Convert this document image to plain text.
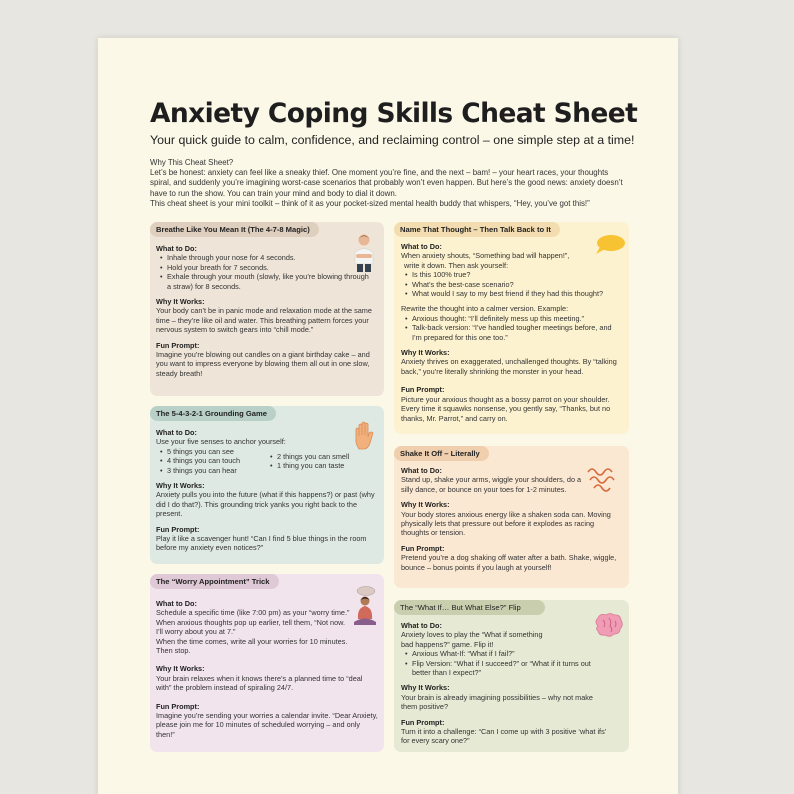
Anxiety Coping Skills Cheat Sheet
Your quick guide to calm, confidence, and reclaiming control – one simple step at a time!
Why This Cheat Sheet?
Let’s be honest: anxiety can feel like a sneaky thief. One moment you’re fine, and the next – bam! – your heart races, your thoughts spiral, and suddenly you’re imagining worst-case scenarios that probably won’t even happen. But here’s the good news: anxiety doesn’t have to run the show. You can train your mind and body to dial it down.
This cheat sheet is your mini toolkit – think of it as your pocket-sized mental health buddy that whispers, “Hey, you’ve got this!”
Breathe Like You Mean It (The 4-7-8 Magic)
What to Do:
• Inhale through your nose for 4 seconds.
• Hold your breath for 7 seconds.
• Exhale through your mouth (slowly, like you’re blowing through
a straw) for 8 seconds.
Why It Works:
Your body can’t be in panic mode and relaxation mode at the same
time – they’re like oil and water. This breathing pattern forces your
nervous system to switch gears into “chill mode.”
Fun Prompt:
Imagine you’re blowing out candles on a giant birthday cake – and
you want to impress everyone by blowing them all out in one slow,
steady breath!
The 5-4-3-2-1 Grounding Game
What to Do:
Use your five senses to anchor yourself:
• 5 things you can see
• 4 things you can touch
• 3 things you can hear
• 2 things you can smell
• 1 thing you can taste
Why It Works:
Anxiety pulls you into the future (what if this happens?) or past (why
did I do that?). This grounding trick yanks you right back to the
present.
Fun Prompt:
Play it like a scavenger hunt! “Can I find 5 blue things in the room
before my anxiety even notices?”
The “Worry Appointment” Trick
What to Do:
Schedule a specific time (like 7:00 pm) as your “worry time.”
When anxious thoughts pop up earlier, tell them, “Not now.
I’ll worry about you at 7.”
When the time comes, write all your worries for 10 minutes.
Then stop.
Why It Works:
Your brain relaxes when it knows there’s a planned time to “deal
with” the problem instead of spiraling 24/7.
Fun Prompt:
Imagine you’re sending your worries a calendar invite. “Dear Anxiety,
please join me for 10 minutes of scheduled worrying – and only
then!”
Name That Thought – Then Talk Back to It
What to Do:
When anxiety shouts, “Something bad will happen!”,
write it down. Then ask yourself:
• Is this 100% true?
• What’s the best-case scenario?
• What would I say to my best friend if they had this thought?
Rewrite the thought into a calmer version. Example:
• Anxious thought: “I’ll definitely mess up this meeting.”
• Talk-back version: “I’ve handled tougher meetings before, and
I’m prepared for this one too.”
Why It Works:
Anxiety thrives on exaggerated, unchallenged thoughts. By “talking
back,” you’re literally shrinking the monster in your head.
Fun Prompt:
Picture your anxious thought as a bossy parrot on your shoulder.
Every time it squawks nonsense, you gently say, “Thanks, but no
thanks, Mr. Parrot,” and carry on.
Shake It Off – Literally
What to Do:
Stand up, shake your arms, wiggle your shoulders, do a
silly dance, or bounce on your toes for 1-2 minutes.
Why It Works:
Your body stores anxious energy like a shaken soda can. Moving
physically lets that pressure out before it explodes as racing
thoughts or tension.
Fun Prompt:
Pretend you’re a dog shaking off water after a bath. Shake, wiggle,
bounce – bonus points if you laugh at yourself!
The “What If… But What Else?” Flip
What to Do:
Anxiety loves to play the “What if something
bad happens?” game. Flip it!
• Anxious What-If: “What if I fail?”
• Flip Version: “What if I succeed?” or “What if it turns out
better than I expect?”
Why It Works:
Your brain is already imagining possibilities – why not make
them positive?
Fun Prompt:
Turn it into a challenge: “Can I come up with 3 positive ‘what ifs’
for every scary one?”
